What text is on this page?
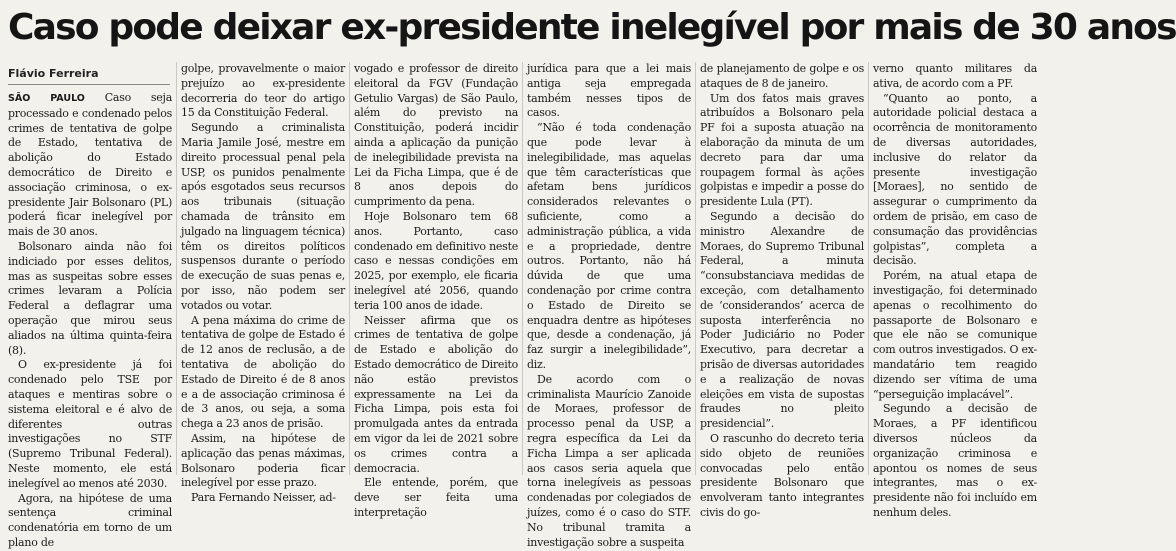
Caso pode deixar ex-presidente inelegível por mais de 30 anos
Flávio Ferreira

SÃO PAULO Caso seja processado e condenado pelos crimes de tentativa de golpe de Estado, tentativa de abolição do Estado democrático de Direito e associação criminosa, o ex-presidente Jair Bolsonaro (PL) poderá ficar inelegível por mais de 30 anos.

Bolsonaro ainda não foi indiciado por esses delitos, mas as suspeitas sobre esses crimes levaram a Polícia Federal a deflagrar uma operação que mirou seus aliados na última quinta-feira (8).

O ex-presidente já foi condenado pelo TSE por ataques e mentiras sobre o sistema eleitoral e é alvo de diferentes outras investigações no STF (Supremo Tribunal Federal). Neste momento, ele está inelegível ao menos até 2030.

Agora, na hipótese de uma sentença criminal condenatória em torno de um plano de

golpe, provavelmente o maior prejuízo ao ex-presidente decorreria do teor do artigo 15 da Constituição Federal.

Segundo a criminalista Maria Jamile José, mestre em direito processual penal pela USP, os punidos penalmente após esgotados seus recursos aos tribunais (situação chamada de trânsito em julgado na linguagem técnica) têm os direitos políticos suspensos durante o período de execução de suas penas e, por isso, não podem ser votados ou votar.

A pena máxima do crime de tentativa de golpe de Estado é de 12 anos de reclusão, a de tentativa de abolição do Estado de Direito é de 8 anos e a de associação criminosa é de 3 anos, ou seja, a soma chega a 23 anos de prisão.

Assim, na hipótese de aplicação das penas máximas, Bolsonaro poderia ficar inelegível por esse prazo.

Para Fernando Neisser, ad-

vogado e professor de direito eleitoral da FGV (Fundação Getulio Vargas) de São Paulo, além do previsto na Constituição, poderá incidir ainda a aplicação da punição de inelegibilidade prevista na Lei da Ficha Limpa, que é de 8 anos depois do cumprimento da pena.

Hoje Bolsonaro tem 68 anos. Portanto, caso condenado em definitivo neste caso e nessas condições em 2025, por exemplo, ele ficaria inelegível até 2056, quando teria 100 anos de idade.

Neisser afirma que os crimes de tentativa de golpe de Estado e abolição do Estado democrático de Direito não estão previstos expressamente na Lei da Ficha Limpa, pois esta foi promulgada antes da entrada em vigor da lei de 2021 sobre os crimes contra a democracia.

Ele entende, porém, que deve ser feita uma interpretação

jurídica para que a lei mais antiga seja empregada também nesses tipos de casos.

“Não é toda condenação que pode levar à inelegibilidade, mas aquelas que têm características que afetam bens jurídicos considerados relevantes o suficiente, como a administração pública, a vida e a propriedade, dentre outros. Portanto, não há dúvida de que uma condenação por crime contra o Estado de Direito se enquadra dentre as hipóteses que, desde a condenação, já faz surgir a inelegibilidade”, diz.

De acordo com o criminalista Maurício Zanoide de Moraes, professor de processo penal da USP, a regra específica da Lei da Ficha Limpa a ser aplicada aos casos seria aquela que torna inelegíveis as pessoas condenadas por colegiados de juízes, como é o caso do STF. No tribunal tramita a investigação sobre a suspeita

de planejamento de golpe e os ataques de 8 de janeiro.

Um dos fatos mais graves atribuídos a Bolsonaro pela PF foi a suposta atuação na elaboração da minuta de um decreto para dar uma roupagem formal às ações golpistas e impedir a posse do presidente Lula (PT).

Segundo a decisão do ministro Alexandre de Moraes, do Supremo Tribunal Federal, a minuta “consubstanciava medidas de exceção, com detalhamento de ‘considerandos’ acerca de suposta interferência no Poder Judiciário no Poder Executivo, para decretar a prisão de diversas autoridades e a realização de novas eleições em vista de supostas fraudes no pleito presidencial”.

O rascunho do decreto teria sido objeto de reuniões convocadas pelo então presidente Bolsonaro que envolveram tanto integrantes civis do go-

verno quanto militares da ativa, de acordo com a PF.

“Quanto ao ponto, a autoridade policial destaca a ocorrência de monitoramento de diversas autoridades, inclusive do relator da presente investigação [Moraes], no sentido de assegurar o cumprimento da ordem de prisão, em caso de consumação das providências golpistas”, completa a decisão.

Porém, na atual etapa de investigação, foi determinado apenas o recolhimento do passaporte de Bolsonaro e que ele não se comunique com outros investigados. O ex-mandatário tem reagido dizendo ser vítima de uma “perseguição implacável”.

Segundo a decisão de Moraes, a PF identificou diversos núcleos da organização criminosa e apontou os nomes de seus integrantes, mas o ex-presidente não foi incluído em nenhum deles.
